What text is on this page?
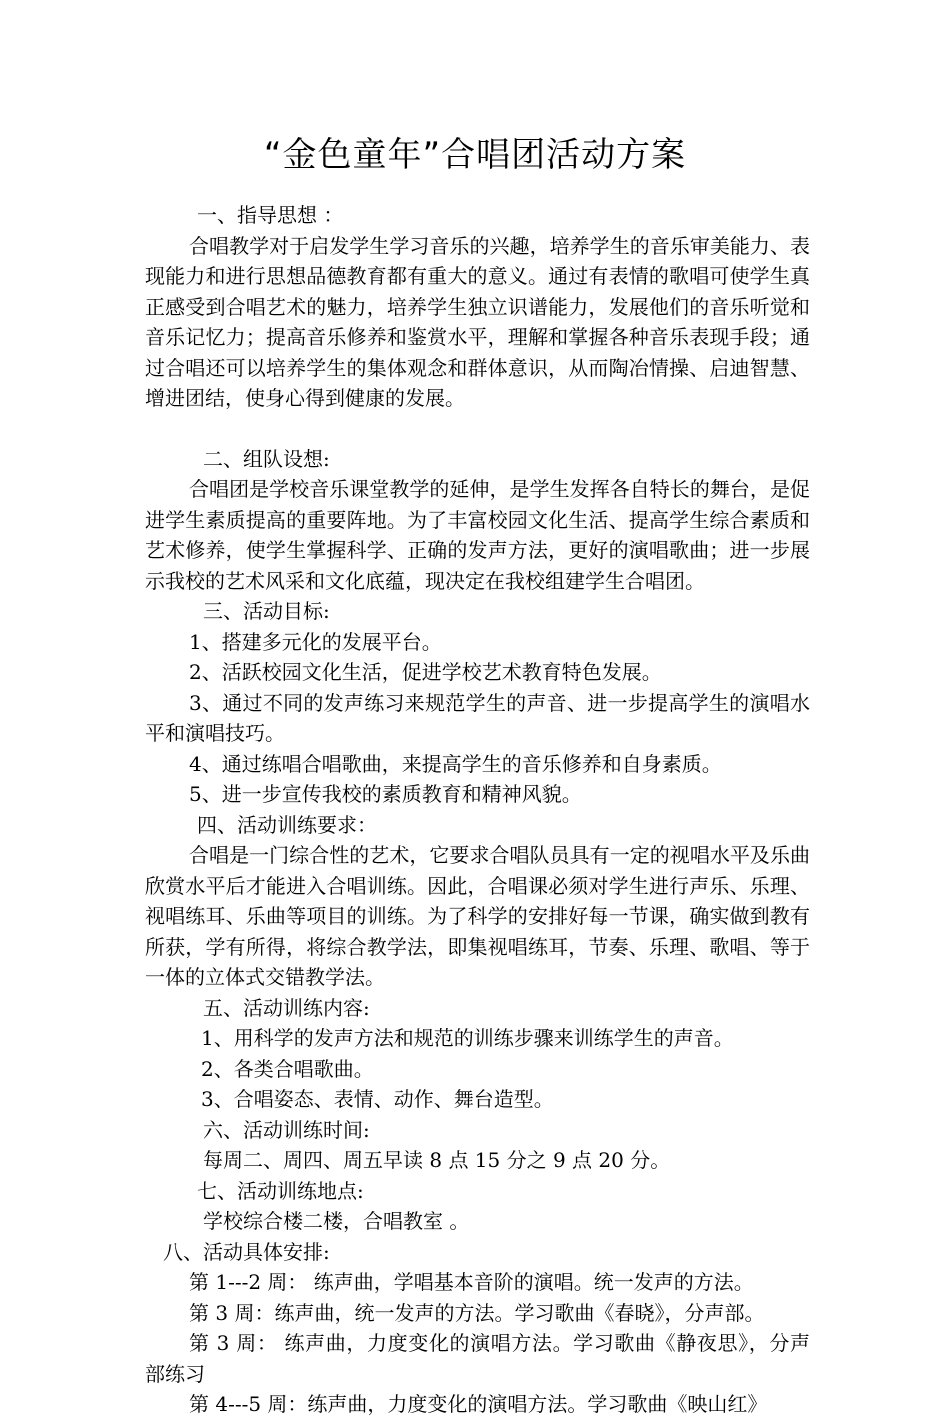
“金色童年”合唱团活动方案

一、指导思想 ：

合唱教学对于启发学生学习音乐的兴趣，培养学生的音乐审美能力、表现能力和进行思想品德教育都有重大的意义。通过有表情的歌唱可使学生真正感受到合唱艺术的魅力，培养学生独立识谱能力，发展他们的音乐听觉和音乐记忆力；提高音乐修养和鉴赏水平，理解和掌握各种音乐表现手段；通过合唱还可以培养学生的集体观念和群体意识，从而陶冶情操、启迪智慧、增进团结，使身心得到健康的发展。

二、组队设想:

合唱团是学校音乐课堂教学的延伸，是学生发挥各自特长的舞台，是促进学生素质提高的重要阵地。为了丰富校园文化生活、提高学生综合素质和艺术修养，使学生掌握科学、正确的发声方法，更好的演唱歌曲；进一步展示我校的艺术风采和文化底蕴，现决定在我校组建学生合唱团。

三、活动目标:

1、搭建多元化的发展平台。

2、活跃校园文化生活，促进学校艺术教育特色发展。

3、通过不同的发声练习来规范学生的声音、进一步提高学生的演唱水平和演唱技巧。

4、通过练唱合唱歌曲，来提高学生的音乐修养和自身素质。

5、进一步宣传我校的素质教育和精神风貌。

四、活动训练要求：

合唱是一门综合性的艺术，它要求合唱队员具有一定的视唱水平及乐曲欣赏水平后才能进入合唱训练。因此，合唱课必须对学生进行声乐、乐理、视唱练耳、乐曲等项目的训练。为了科学的安排好每一节课，确实做到教有所获，学有所得，将综合教学法，即集视唱练耳，节奏、乐理、歌唱、等于一体的立体式交错教学法。

五、活动训练内容:

1、用科学的发声方法和规范的训练步骤来训练学生的声音。

2、各类合唱歌曲。

3、合唱姿态、表情、动作、舞台造型。

六、活动训练时间:

每周二、周四、周五早读 8 点 15 分之 9 点 20 分。

七、活动训练地点:

学校综合楼二楼，合唱教室 。

八、活动具体安排:

第 1---2 周： 练声曲，学唱基本音阶的演唱。统一发声的方法。

第 3 周：练声曲，统一发声的方法。学习歌曲《春晓》，分声部。

第 3 周： 练声曲，力度变化的演唱方法。学习歌曲《静夜思》，分声部练习

第 4---5 周：练声曲，力度变化的演唱方法。学习歌曲《映山红》
